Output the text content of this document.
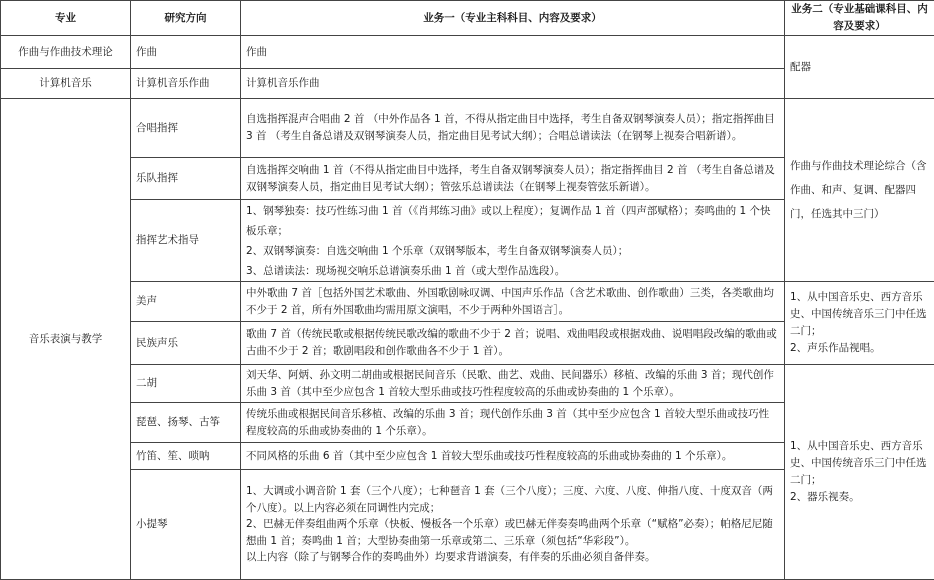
专业	研究方向	业务一（专业主科科目、内容及要求）	业务二（专业基础课科目、内容及要求）
作曲与作曲技术理论	作曲	作曲	配器
计算机音乐	计算机音乐作曲	计算机音乐作曲	
音乐表演与教学	合唱指挥	自选指挥混声合唱曲 2 首 （中外作品各 1 首，不得从指定曲目中选择，考生自备双钢琴演奏人员）；指定指挥曲目 3 首 （考生自备总谱及双钢琴演奏人员，指定曲目见考试大纲）；合唱总谱读法（在钢琴上视奏合唱新谱）。	作曲与作曲技术理论综合（含作曲、和声、复调、配器四门，任选其中三门）
	乐队指挥	自选指挥交响曲 1 首（不得从指定曲目中选择，考生自备双钢琴演奏人员）；指定指挥曲目 2 首 （考生自备总谱及双钢琴演奏人员，指定曲目见考试大纲）；管弦乐总谱读法（在钢琴上视奏管弦乐新谱）。	
	指挥艺术指导	1、钢琴独奏：技巧性练习曲 1 首（《肖邦练习曲》或以上程度）；复调作品 1 首（四声部赋格）；奏鸣曲的 1 个快板乐章；
2、双钢琴演奏：自选交响曲 1 个乐章（双钢琴版本，考生自备双钢琴演奏人员）；
3、总谱读法：现场视交响乐总谱演奏乐曲 1 首（或大型作品选段）。	

	美声	中外歌曲 7 首［包括外国艺术歌曲、外国歌剧咏叹调、中国声乐作品（含艺术歌曲、创作歌曲）三类，各类歌曲均不少于 2 首，所有外国歌曲均需用原文演唱，不少于两种外国语言］。	1、从中国音乐史、西方音乐史、中国传统音乐三门中任选二门；
2、声乐作品视唱。
	民族声乐	歌曲 7 首（传统民歌或根据传统民歌改编的歌曲不少于 2 首；说唱、戏曲唱段或根据戏曲、说唱唱段改编的歌曲或古曲不少于 2 首；歌剧唱段和创作歌曲各不少于 1 首）。	
	二胡	刘天华、阿炳、孙文明二胡曲或根据民间音乐（民歌、曲艺、戏曲、民间器乐）移植、改编的乐曲 3 首；现代创作乐曲 3 首（其中至少应包含 1 首较大型乐曲或技巧性程度较高的乐曲或协奏曲的 1 个乐章）。	1、从中国音乐史、西方音乐史、中国传统音乐三门中任选二门；
2、器乐视奏。
	琵琶、扬琴、古筝	传统乐曲或根据民间音乐移植、改编的乐曲 3 首；现代创作乐曲 3 首（其中至少应包含 1 首较大型乐曲或技巧性程度较高的乐曲或协奏曲的 1 个乐章）。	
	竹笛、笙、唢呐	不同风格的乐曲 6 首（其中至少应包含 1 首较大型乐曲或技巧性程度较高的乐曲或协奏曲的 1 个乐章）。	
	小提琴	1、大调或小调音阶 1 套（三个八度）；七种琶音 1 套（三个八度）；三度、六度、八度、伸指八度、十度双音（两个八度）。以上内容必须在同调性内完成；
2、巴赫无伴奏组曲两个乐章（快板、慢板各一个乐章）或巴赫无伴奏奏鸣曲两个乐章（“赋格”必奏）；帕格尼尼随想曲 1 首；奏鸣曲 1 首；大型协奏曲第一乐章或第二、三乐章（须包括“华彩段”）。
以上内容（除了与钢琴合作的奏鸣曲外）均要求背谱演奏，有伴奏的乐曲必须自备伴奏。	
